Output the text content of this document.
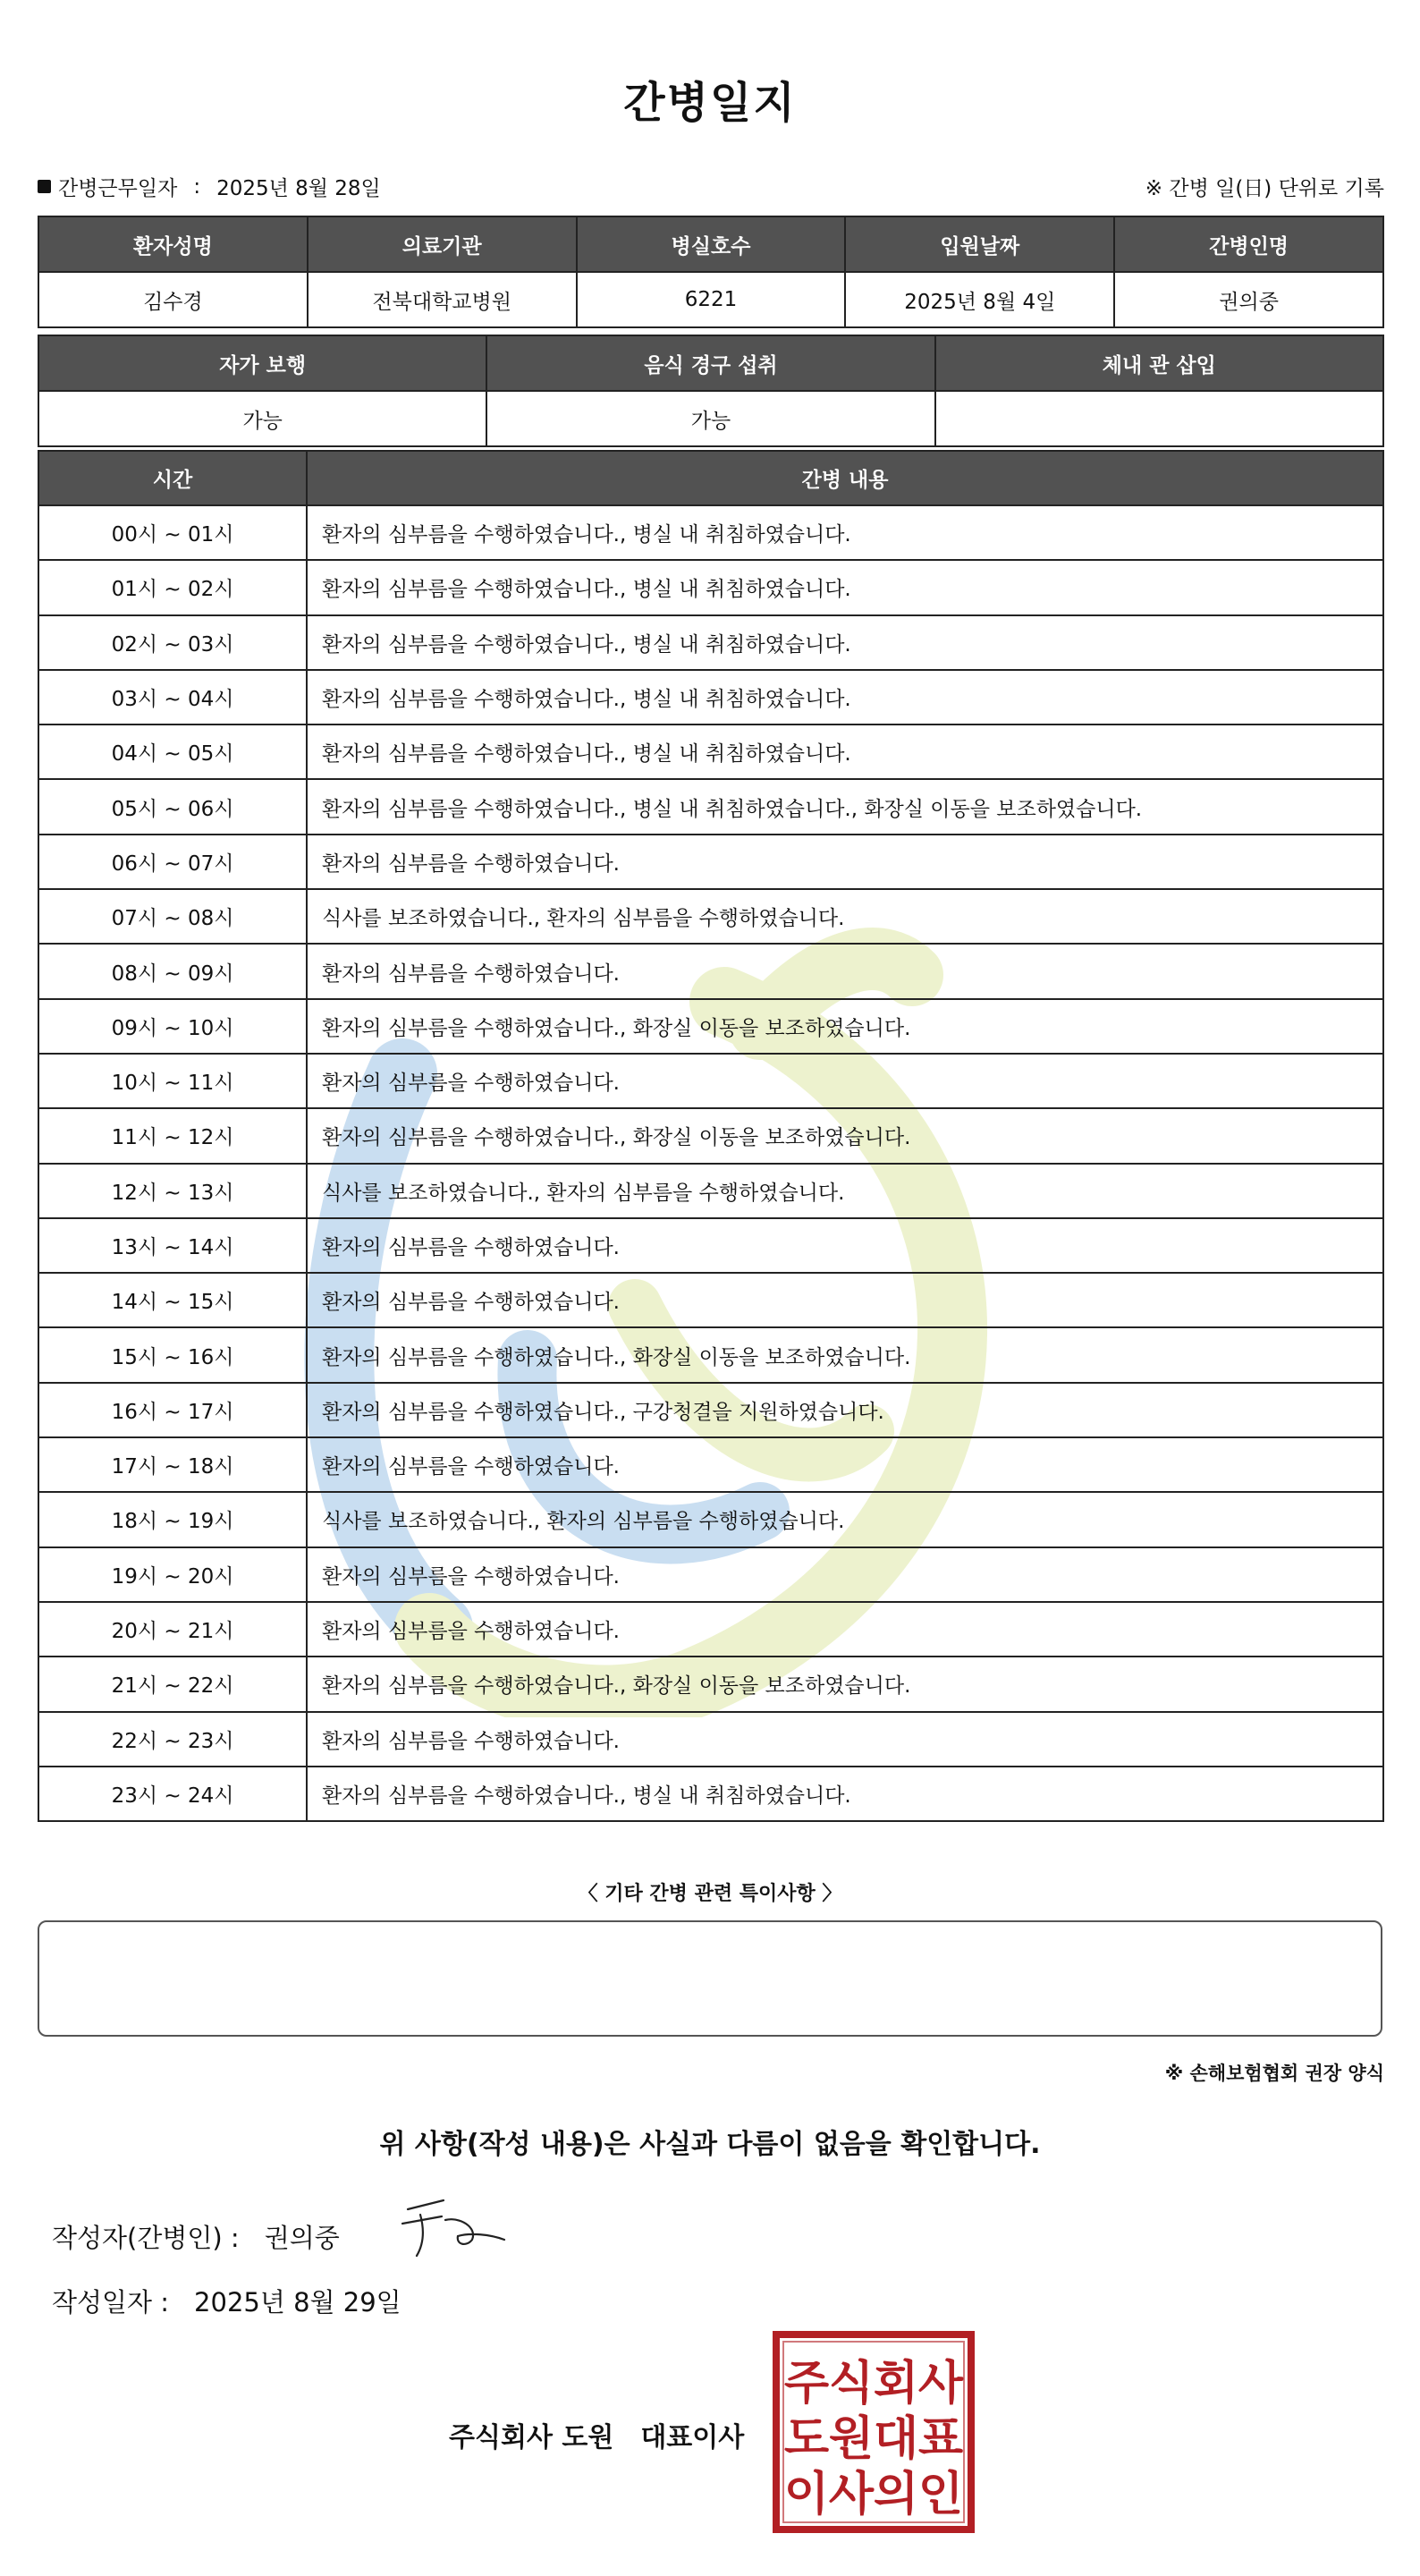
간병일지
간병근무일자 : 2025년 8월 28일	※ 간병 일(日) 단위로 기록
환자성명	의료기관	병실호수	입원날짜	간병인명
김수경	전북대학교병원	6221	2025년 8월 4일	권의중
자가 보행	음식 경구 섭취	체내 관 삽입
가능	가능	
시간	간병 내용
00시 ~ 01시	환자의 심부름을 수행하였습니다., 병실 내 취침하였습니다.
01시 ~ 02시	환자의 심부름을 수행하였습니다., 병실 내 취침하였습니다.
02시 ~ 03시	환자의 심부름을 수행하였습니다., 병실 내 취침하였습니다.
03시 ~ 04시	환자의 심부름을 수행하였습니다., 병실 내 취침하였습니다.
04시 ~ 05시	환자의 심부름을 수행하였습니다., 병실 내 취침하였습니다.
05시 ~ 06시	환자의 심부름을 수행하였습니다., 병실 내 취침하였습니다., 화장실 이동을 보조하였습니다.
06시 ~ 07시	환자의 심부름을 수행하였습니다.
07시 ~ 08시	식사를 보조하였습니다., 환자의 심부름을 수행하였습니다.
08시 ~ 09시	환자의 심부름을 수행하였습니다.
09시 ~ 10시	환자의 심부름을 수행하였습니다., 화장실 이동을 보조하였습니다.
10시 ~ 11시	환자의 심부름을 수행하였습니다.
11시 ~ 12시	환자의 심부름을 수행하였습니다., 화장실 이동을 보조하였습니다.
12시 ~ 13시	식사를 보조하였습니다., 환자의 심부름을 수행하였습니다.
13시 ~ 14시	환자의 심부름을 수행하였습니다.
14시 ~ 15시	환자의 심부름을 수행하였습니다.
15시 ~ 16시	환자의 심부름을 수행하였습니다., 화장실 이동을 보조하였습니다.
16시 ~ 17시	환자의 심부름을 수행하였습니다., 구강청결을 지원하였습니다.
17시 ~ 18시	환자의 심부름을 수행하였습니다.
18시 ~ 19시	식사를 보조하였습니다., 환자의 심부름을 수행하였습니다.
19시 ~ 20시	환자의 심부름을 수행하였습니다.
20시 ~ 21시	환자의 심부름을 수행하였습니다.
21시 ~ 22시	환자의 심부름을 수행하였습니다., 화장실 이동을 보조하였습니다.
22시 ~ 23시	환자의 심부름을 수행하였습니다.
23시 ~ 24시	환자의 심부름을 수행하였습니다., 병실 내 취침하였습니다.
〈 기타 간병 관련 특이사항 〉
※ 손해보험협회 권장 양식
위 사항(작성 내용)은 사실과 다름이 없음을 확인합니다.
작성자(간병인) : 권의중
작성일자 : 2025년 8월 29일
주식회사 도원 대표이사
주 식 회 사
도 원 대 표
이 사 의 인
